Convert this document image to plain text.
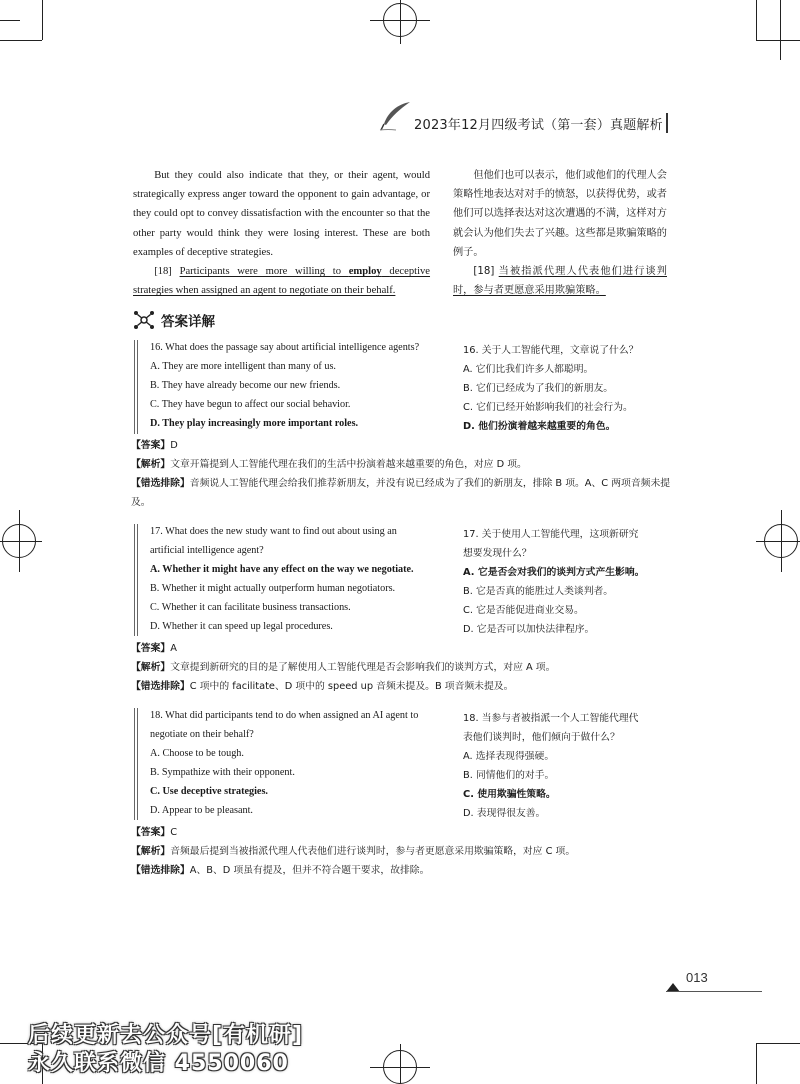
2023年12月四级考试（第一套）真题解析
But they could also indicate that they, or their agent, would strategically express anger toward the opponent to gain advantage, or they could opt to convey dissatisfaction with the encounter so that the other party would think they were losing interest. These are both examples of deceptive strategies.
[18] Participants were more willing to employ deceptive strategies when assigned an agent to negotiate on their behalf.
但他们也可以表示，他们或他们的代理人会策略性地表达对对手的愤怒，以获得优势，或者他们可以选择表达对这次遭遇的不满，这样对方就会认为他们失去了兴趣。这些都是欺骗策略的例子。
[18] 当被指派代理人代表他们进行谈判时，参与者更愿意采用欺骗策略。
答案详解
16. What does the passage say about artificial intelligence agents?	16. 关于人工智能代理，文章说了什么？
A. They are more intelligent than many of us.	A. 它们比我们许多人都聪明。
B. They have already become our new friends.	B. 它们已经成为了我们的新朋友。
C. They have begun to affect our social behavior.	C. 它们已经开始影响我们的社会行为。
D. They play increasingly more important roles.	D. 他们扮演着越来越重要的角色。
【答案】D
【解析】文章开篇提到人工智能代理在我们的生活中扮演着越来越重要的角色，对应 D 项。
【错选排除】音频说人工智能代理会给我们推荐新朋友，并没有说已经成为了我们的新朋友，排除 B 项。A、C 两项音频未提及。
17. What does the new study want to find out about using an
artificial intelligence agent?
17. 关于使用人工智能代理，这项新研究
想要发现什么？
A. Whether it might have any effect on the way we negotiate.	A. 它是否会对我们的谈判方式产生影响。
B. Whether it might actually outperform human negotiators.	B. 它是否真的能胜过人类谈判者。
C. Whether it can facilitate business transactions.	C. 它是否能促进商业交易。
D. Whether it can speed up legal procedures.	D. 它是否可以加快法律程序。
【答案】A
【解析】文章提到新研究的目的是了解使用人工智能代理是否会影响我们的谈判方式，对应 A 项。
【错选排除】C 项中的 facilitate、D 项中的 speed up 音频未提及。B 项音频未提及。
18. What did participants tend to do when assigned an AI agent to
negotiate on their behalf?
18. 当参与者被指派一个人工智能代理代
表他们谈判时，他们倾向于做什么？
A. Choose to be tough.	A. 选择表现得强硬。
B. Sympathize with their opponent.	B. 同情他们的对手。
C. Use deceptive strategies.	C. 使用欺骗性策略。
D. Appear to be pleasant.	D. 表现得很友善。
【答案】C
【解析】音频最后提到当被指派代理人代表他们进行谈判时，参与者更愿意采用欺骗策略，对应 C 项。
【错选排除】A、B、D 项虽有提及，但并不符合题干要求，故排除。
013
后续更新去公众号[有机研]
永久联系微信 4550060
